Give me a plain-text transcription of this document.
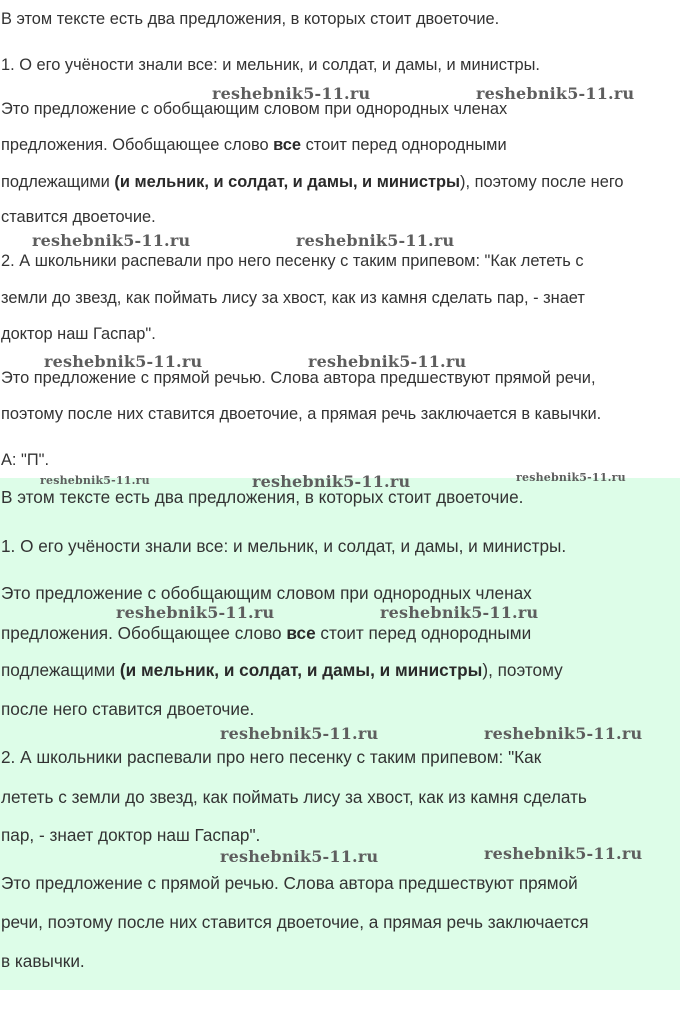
В этом тексте есть два предложения, в которых стоит двоеточие.
1. О его учёности знали все: и мельник, и солдат, и дамы, и министры.
Это предложение с обобщающим словом при однородных членах
предложения. Обобщающее слово все стоит перед однородными
подлежащими (и мельник, и солдат, и дамы, и министры), поэтому после него
ставится двоеточие.
2. А школьники распевали про него песенку с таким припевом: "Как лететь с
земли до звезд, как поймать лису за хвост, как из камня сделать пар, - знает
доктор наш Гаспар".
Это предложение с прямой речью. Слова автора предшествуют прямой речи,
поэтому после них ставится двоеточие, а прямая речь заключается в кавычки.
А: "П".
reshebnik5-11.ru	reshebnik5-11.ru
reshebnik5-11.ru	reshebnik5-11.ru
reshebnik5-11.ru	reshebnik5-11.ru
В этом тексте есть два предложения, в которых стоит двоеточие.
1. О его учёности знали все: и мельник, и солдат, и дамы, и министры.
Это предложение с обобщающим словом при однородных членах
предложения. Обобщающее слово все стоит перед однородными
подлежащими (и мельник, и солдат, и дамы, и министры), поэтому
после него ставится двоеточие.
2. А школьники распевали про него песенку с таким припевом: "Как
лететь с земли до звезд, как поймать лису за хвост, как из камня сделать
пар, - знает доктор наш Гаспар".
Это предложение с прямой речью. Слова автора предшествуют прямой
речи, поэтому после них ставится двоеточие, а прямая речь заключается
в кавычки.
reshebnik5-11.ru	reshebnik5-11.ru	reshebnik5-11.ru
reshebnik5-11.ru	reshebnik5-11.ru
reshebnik5-11.ru	reshebnik5-11.ru
reshebnik5-11.ru	reshebnik5-11.ru
